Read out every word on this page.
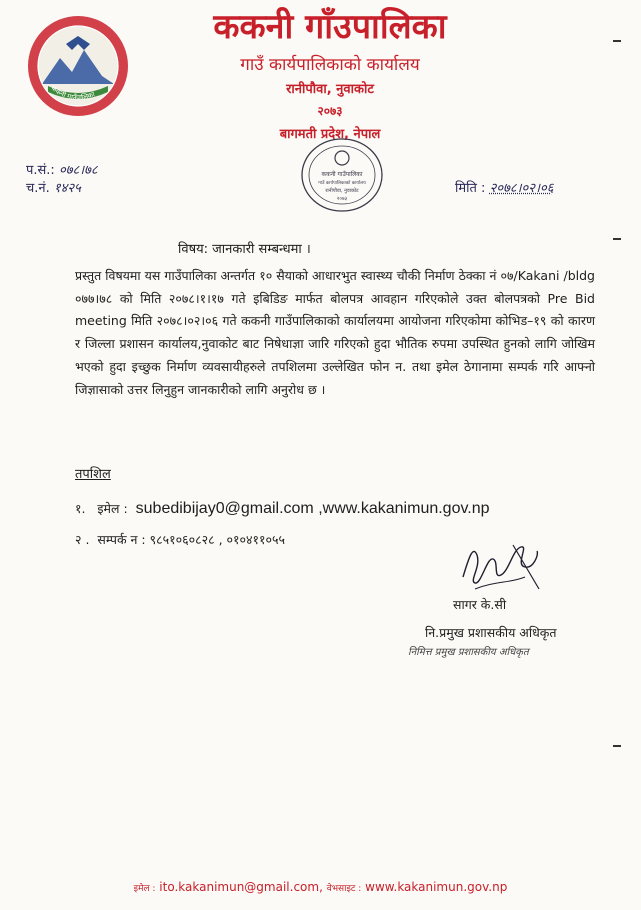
ककनी गाउँपालिका
ककनी गाँउपालिका
गाउँ कार्यपालिकाको कार्यालय
रानीपौवा, नुवाकोट
२०७३
बागमती प्रदेश, नेपाल
प.सं.: ०७८।७८
च.नं. १४२५
ककनी गाउँपालिका
गाउँ कार्यपालिकाको कार्यालय
रानीपौवा, नुवाकोट
२०७३
मिति : २०७८।०२।०६
विषय: जानकारी सम्बन्धमा ।
प्रस्तुत विषयमा यस गाउँपालिका अन्तर्गत १० सैयाको आधारभुत स्वास्थ्य चौकी निर्माण ठेक्का नं ०७/Kakani /bldg ०७७।७८ को मिति २०७८।१।१७ गते इबिडिङ मार्फत बोलपत्र आवहान गरिएकोले उक्त बोलपत्रको Pre Bid meeting मिति २०७८।०२।०६ गते ककनी गाउँपालिकाको कार्यालयमा आयोजना गरिएकोमा कोभिड–१९ को कारण र जिल्ला प्रशासन कार्यालय,नुवाकोट बाट निषेधाज्ञा जारि गरिएको हुदा भौतिक रुपमा उपस्थित हुनको लागि जोखिम भएको हुदा इच्छुक निर्माण व्यवसायीहरुले तपशिलमा उल्लेखित फोन न. तथा इमेल ठेगानामा सम्पर्क गरि आफ्नो जिज्ञासाको उत्तर लिनुहुन जानकारीको लागि अनुरोध छ ।
तपशिल
१. इमेल : subedibijay0@gmail.com ,www.kakanimun.gov.np
२ . सम्पर्क न : ९८५१०६०८२८ , ०१०४११०५५
सागर के.सी
नि.प्रमुख प्रशासकीय अधिकृत
निमित्त प्रमुख प्रशासकीय अधिकृत
इमेल : ito.kakanimun@gmail.com, वेभसाइट : www.kakanimun.gov.np
